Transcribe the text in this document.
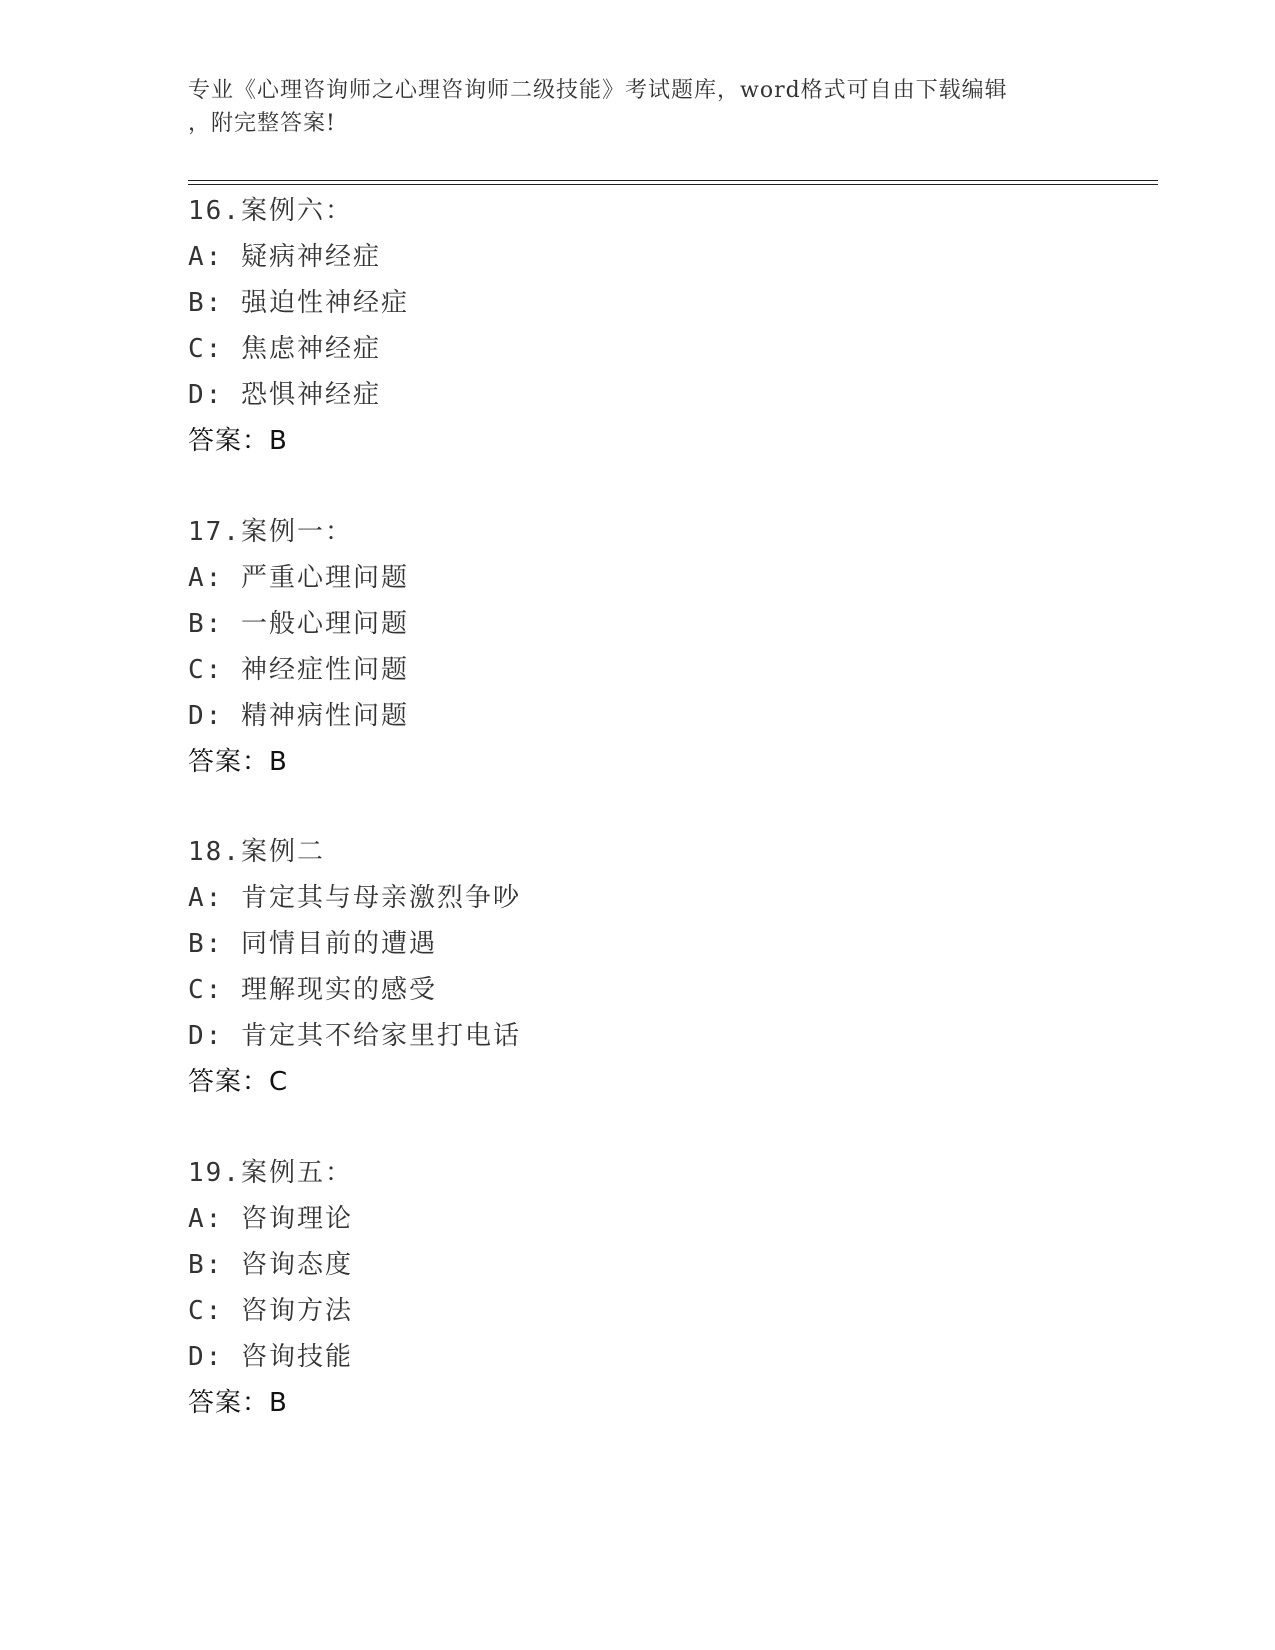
专业《心理咨询师之心理咨询师二级技能》考试题库，word格式可自由下载编辑
，附完整答案!
16.案例六：
A: 疑病神经症
B: 强迫性神经症
C: 焦虑神经症
D: 恐惧神经症
答案：B
17.案例一：
A: 严重心理问题
B: 一般心理问题
C: 神经症性问题
D: 精神病性问题
答案：B
18.案例二
A: 肯定其与母亲激烈争吵
B: 同情目前的遭遇
C: 理解现实的感受
D: 肯定其不给家里打电话
答案：C
19.案例五：
A: 咨询理论
B: 咨询态度
C: 咨询方法
D: 咨询技能
答案：B
